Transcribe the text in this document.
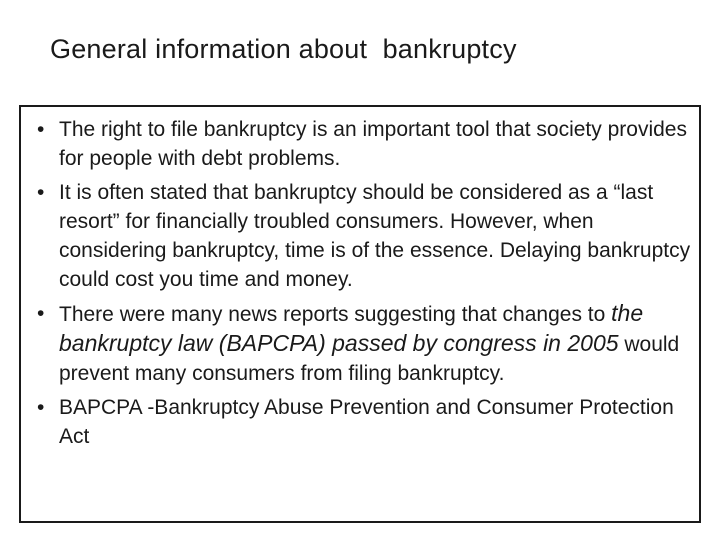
General information about  bankruptcy
• The right to file bankruptcy is an important tool that society provides for people with debt problems.
• It is often stated that bankruptcy should be considered as a “last resort” for financially troubled consumers. However, when considering bankruptcy, time is of the essence. Delaying bankruptcy could cost you time and money.
• There were many news reports suggesting that changes to the bankruptcy law (BAPCPA) passed by congress in 2005 would prevent many consumers from filing bankruptcy.
• BAPCPA -Bankruptcy Abuse Prevention and Consumer Protection Act
